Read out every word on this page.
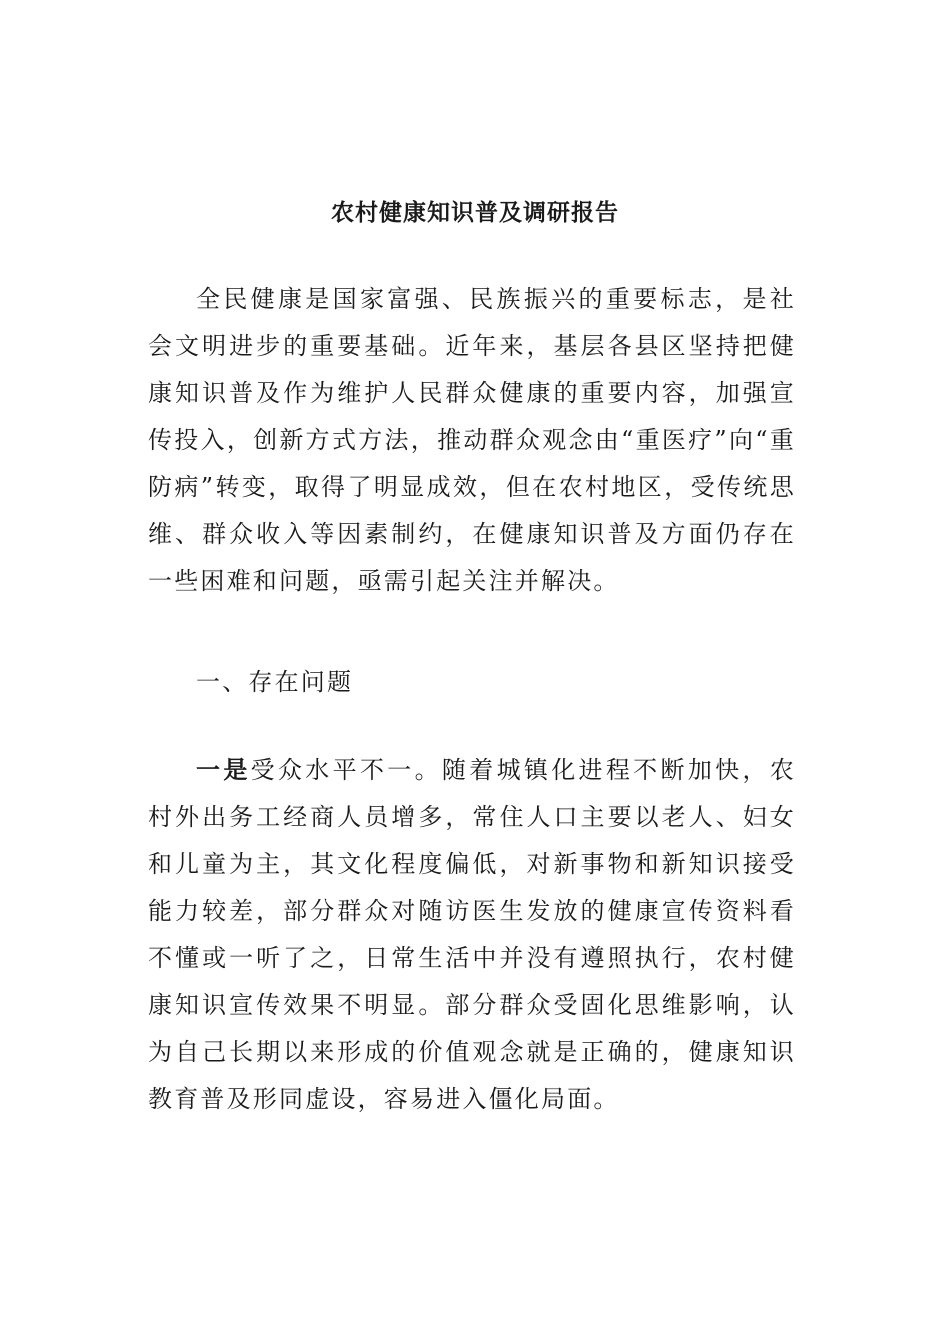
农村健康知识普及调研报告

全民健康是国家富强、民族振兴的重要标志，是社会文明进步的重要基础。近年来，基层各县区坚持把健康知识普及作为维护人民群众健康的重要内容，加强宣传投入，创新方式方法，推动群众观念由“重医疗”向“重防病”转变，取得了明显成效，但在农村地区，受传统思维、群众收入等因素制约，在健康知识普及方面仍存在一些困难和问题，亟需引起关注并解决。

一、存在问题

一是受众水平不一。随着城镇化进程不断加快，农村外出务工经商人员增多，常住人口主要以老人、妇女和儿童为主，其文化程度偏低，对新事物和新知识接受能力较差，部分群众对随访医生发放的健康宣传资料看不懂或一听了之，日常生活中并没有遵照执行，农村健康知识宣传效果不明显。部分群众受固化思维影响，认为自己长期以来形成的价值观念就是正确的，健康知识教育普及形同虚设，容易进入僵化局面。
